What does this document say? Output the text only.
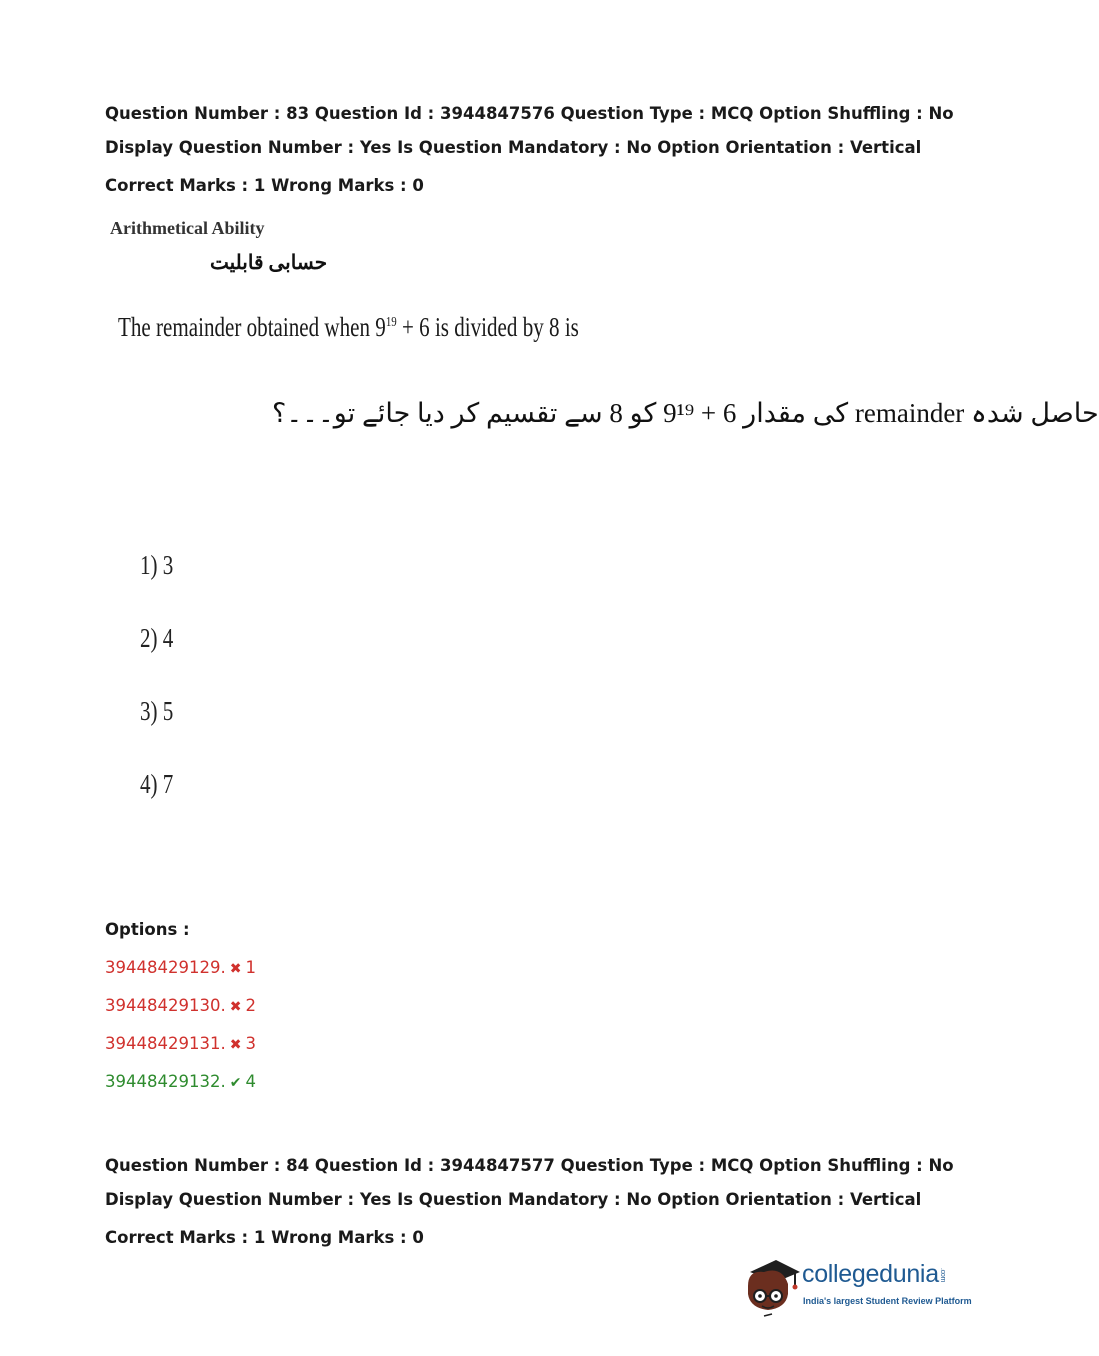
Question Number : 83 Question Id : 3944847576 Question Type : MCQ Option Shuffling : No
Display Question Number : Yes Is Question Mandatory : No Option Orientation : Vertical
Correct Marks : 1 Wrong Marks : 0
Arithmetical Ability
حسابی قابلیت
The remainder obtained when $9^{19} + 6$ is divided by 8 is
حاصل شدہ remainder کی مقدار 6 + 9¹⁹ کو 8 سے تقسیم کر دیا جائے تو۔۔۔؟
1) 3
2) 4
3) 5
4) 7
Options :
39448429129. ✖ 1
39448429130. ✖ 2
39448429131. ✖ 3
39448429132. ✔ 4
Question Number : 84 Question Id : 3944847577 Question Type : MCQ Option Shuffling : No
Display Question Number : Yes Is Question Mandatory : No Option Orientation : Vertical
Correct Marks : 1 Wrong Marks : 0
collegedunia.com
India's largest Student Review Platform
